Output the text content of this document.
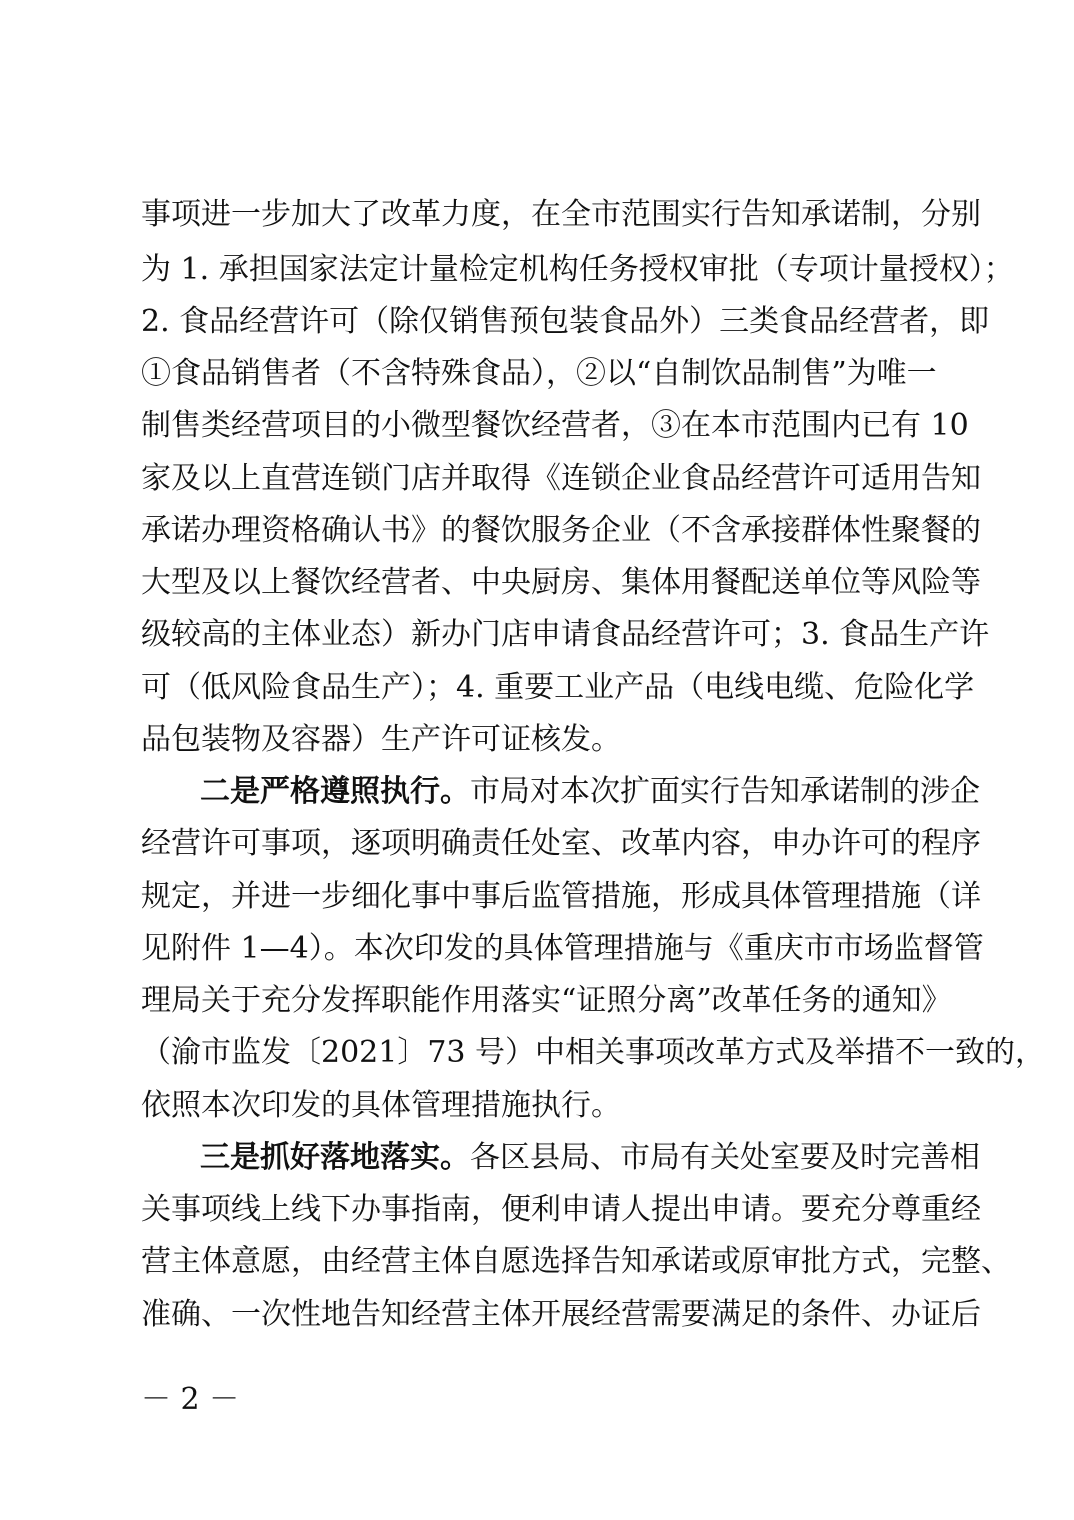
事项进一步加大了改革力度，在全市范围实行告知承诺制，分别
为 1. 承担国家法定计量检定机构任务授权审批（专项计量授权）；
2. 食品经营许可（除仅销售预包装食品外）三类食品经营者，即
①食品销售者（不含特殊食品），②以“自制饮品制售”为唯一
制售类经营项目的小微型餐饮经营者，③在本市范围内已有 10
家及以上直营连锁门店并取得《连锁企业食品经营许可适用告知
承诺办理资格确认书》的餐饮服务企业（不含承接群体性聚餐的
大型及以上餐饮经营者、中央厨房、集体用餐配送单位等风险等
级较高的主体业态）新办门店申请食品经营许可；3. 食品生产许
可（低风险食品生产）；4. 重要工业产品（电线电缆、危险化学
品包装物及容器）生产许可证核发。
二是严格遵照执行。市局对本次扩面实行告知承诺制的涉企
经营许可事项，逐项明确责任处室、改革内容，申办许可的程序
规定，并进一步细化事中事后监管措施，形成具体管理措施（详
见附件 1—4）。本次印发的具体管理措施与《重庆市市场监督管
理局关于充分发挥职能作用落实“证照分离”改革任务的通知》
（渝市监发〔2021〕73 号）中相关事项改革方式及举措不一致的，
依照本次印发的具体管理措施执行。
三是抓好落地落实。各区县局、市局有关处室要及时完善相
关事项线上线下办事指南，便利申请人提出申请。要充分尊重经
营主体意愿，由经营主体自愿选择告知承诺或原审批方式，完整、
准确、一次性地告知经营主体开展经营需要满足的条件、办证后
－ 2 －
